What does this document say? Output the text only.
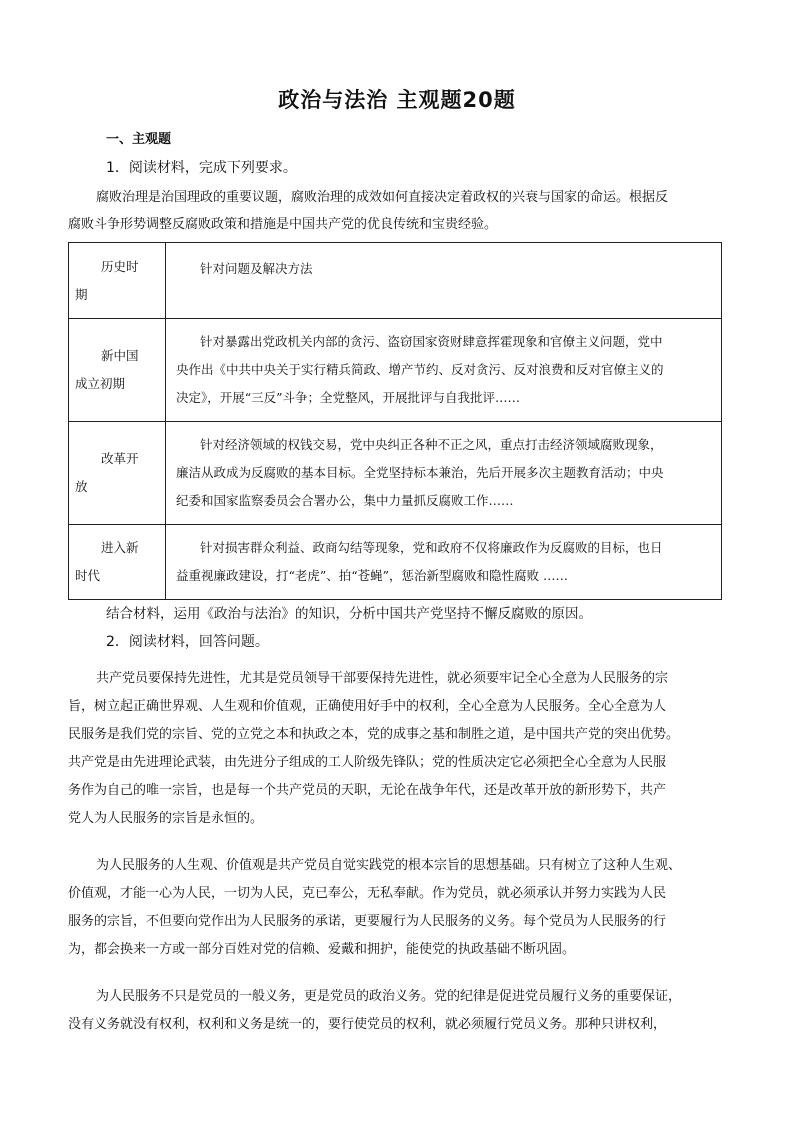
政治与法治 主观题20题
一、主观题
1．阅读材料，完成下列要求。

腐败治理是治国理政的重要议题，腐败治理的成效如何直接决定着政权的兴衰与国家的命运。根据反
腐败斗争形势调整反腐败政策和措施是中国共产党的优良传统和宝贵经验。

历史时
期	针对问题及解决方法

新中国
成立初期	针对暴露出党政机关内部的贪污、盗窃国家资财肆意挥霍现象和官僚主义问题，党中
央作出《中共中央关于实行精兵简政、增产节约、反对贪污、反对浪费和反对官僚主义的
决定》，开展“三反”斗争；全党整风，开展批评与自我批评……

改革开
放	针对经济领域的权钱交易，党中央纠正各种不正之风，重点打击经济领域腐败现象，
廉洁从政成为反腐败的基本目标。全党坚持标本兼治，先后开展多次主题教育活动；中央
纪委和国家监察委员会合署办公，集中力量抓反腐败工作……

进入新
时代	针对损害群众利益、政商勾结等现象，党和政府不仅将廉政作为反腐败的目标，也日
益重视廉政建设，打“老虎”、拍“苍蝇”，惩治新型腐败和隐性腐败 ……
结合材料，运用《政治与法治》的知识，分析中国共产党坚持不懈反腐败的原因。
2．阅读材料，回答问题。

共产党员要保持先进性，尤其是党员领导干部要保持先进性，就必须要牢记全心全意为人民服务的宗
旨，树立起正确世界观、人生观和价值观，正确使用好手中的权利，全心全意为人民服务。全心全意为人
民服务是我们党的宗旨、党的立党之本和执政之本，党的成事之基和制胜之道，是中国共产党的突出优势。
共产党是由先进理论武装，由先进分子组成的工人阶级先锋队；党的性质决定它必须把全心全意为人民服
务作为自己的唯一宗旨，也是每一个共产党员的天职，无论在战争年代，还是改革开放的新形势下，共产
党人为人民服务的宗旨是永恒的。

为人民服务的人生观、价值观是共产党员自觉实践党的根本宗旨的思想基础。只有树立了这种人生观、
价值观，才能一心为人民，一切为人民，克已奉公，无私奉献。作为党员，就必须承认并努力实践为人民
服务的宗旨，不但要向党作出为人民服务的承诺，更要履行为人民服务的义务。每个党员为人民服务的行
为，都会换来一方或一部分百姓对党的信赖、爱戴和拥护，能使党的执政基础不断巩固。

为人民服务不只是党员的一般义务，更是党员的政治义务。党的纪律是促进党员履行义务的重要保证，
没有义务就没有权利，权利和义务是统一的，要行使党员的权利，就必须履行党员义务。那种只讲权利，
